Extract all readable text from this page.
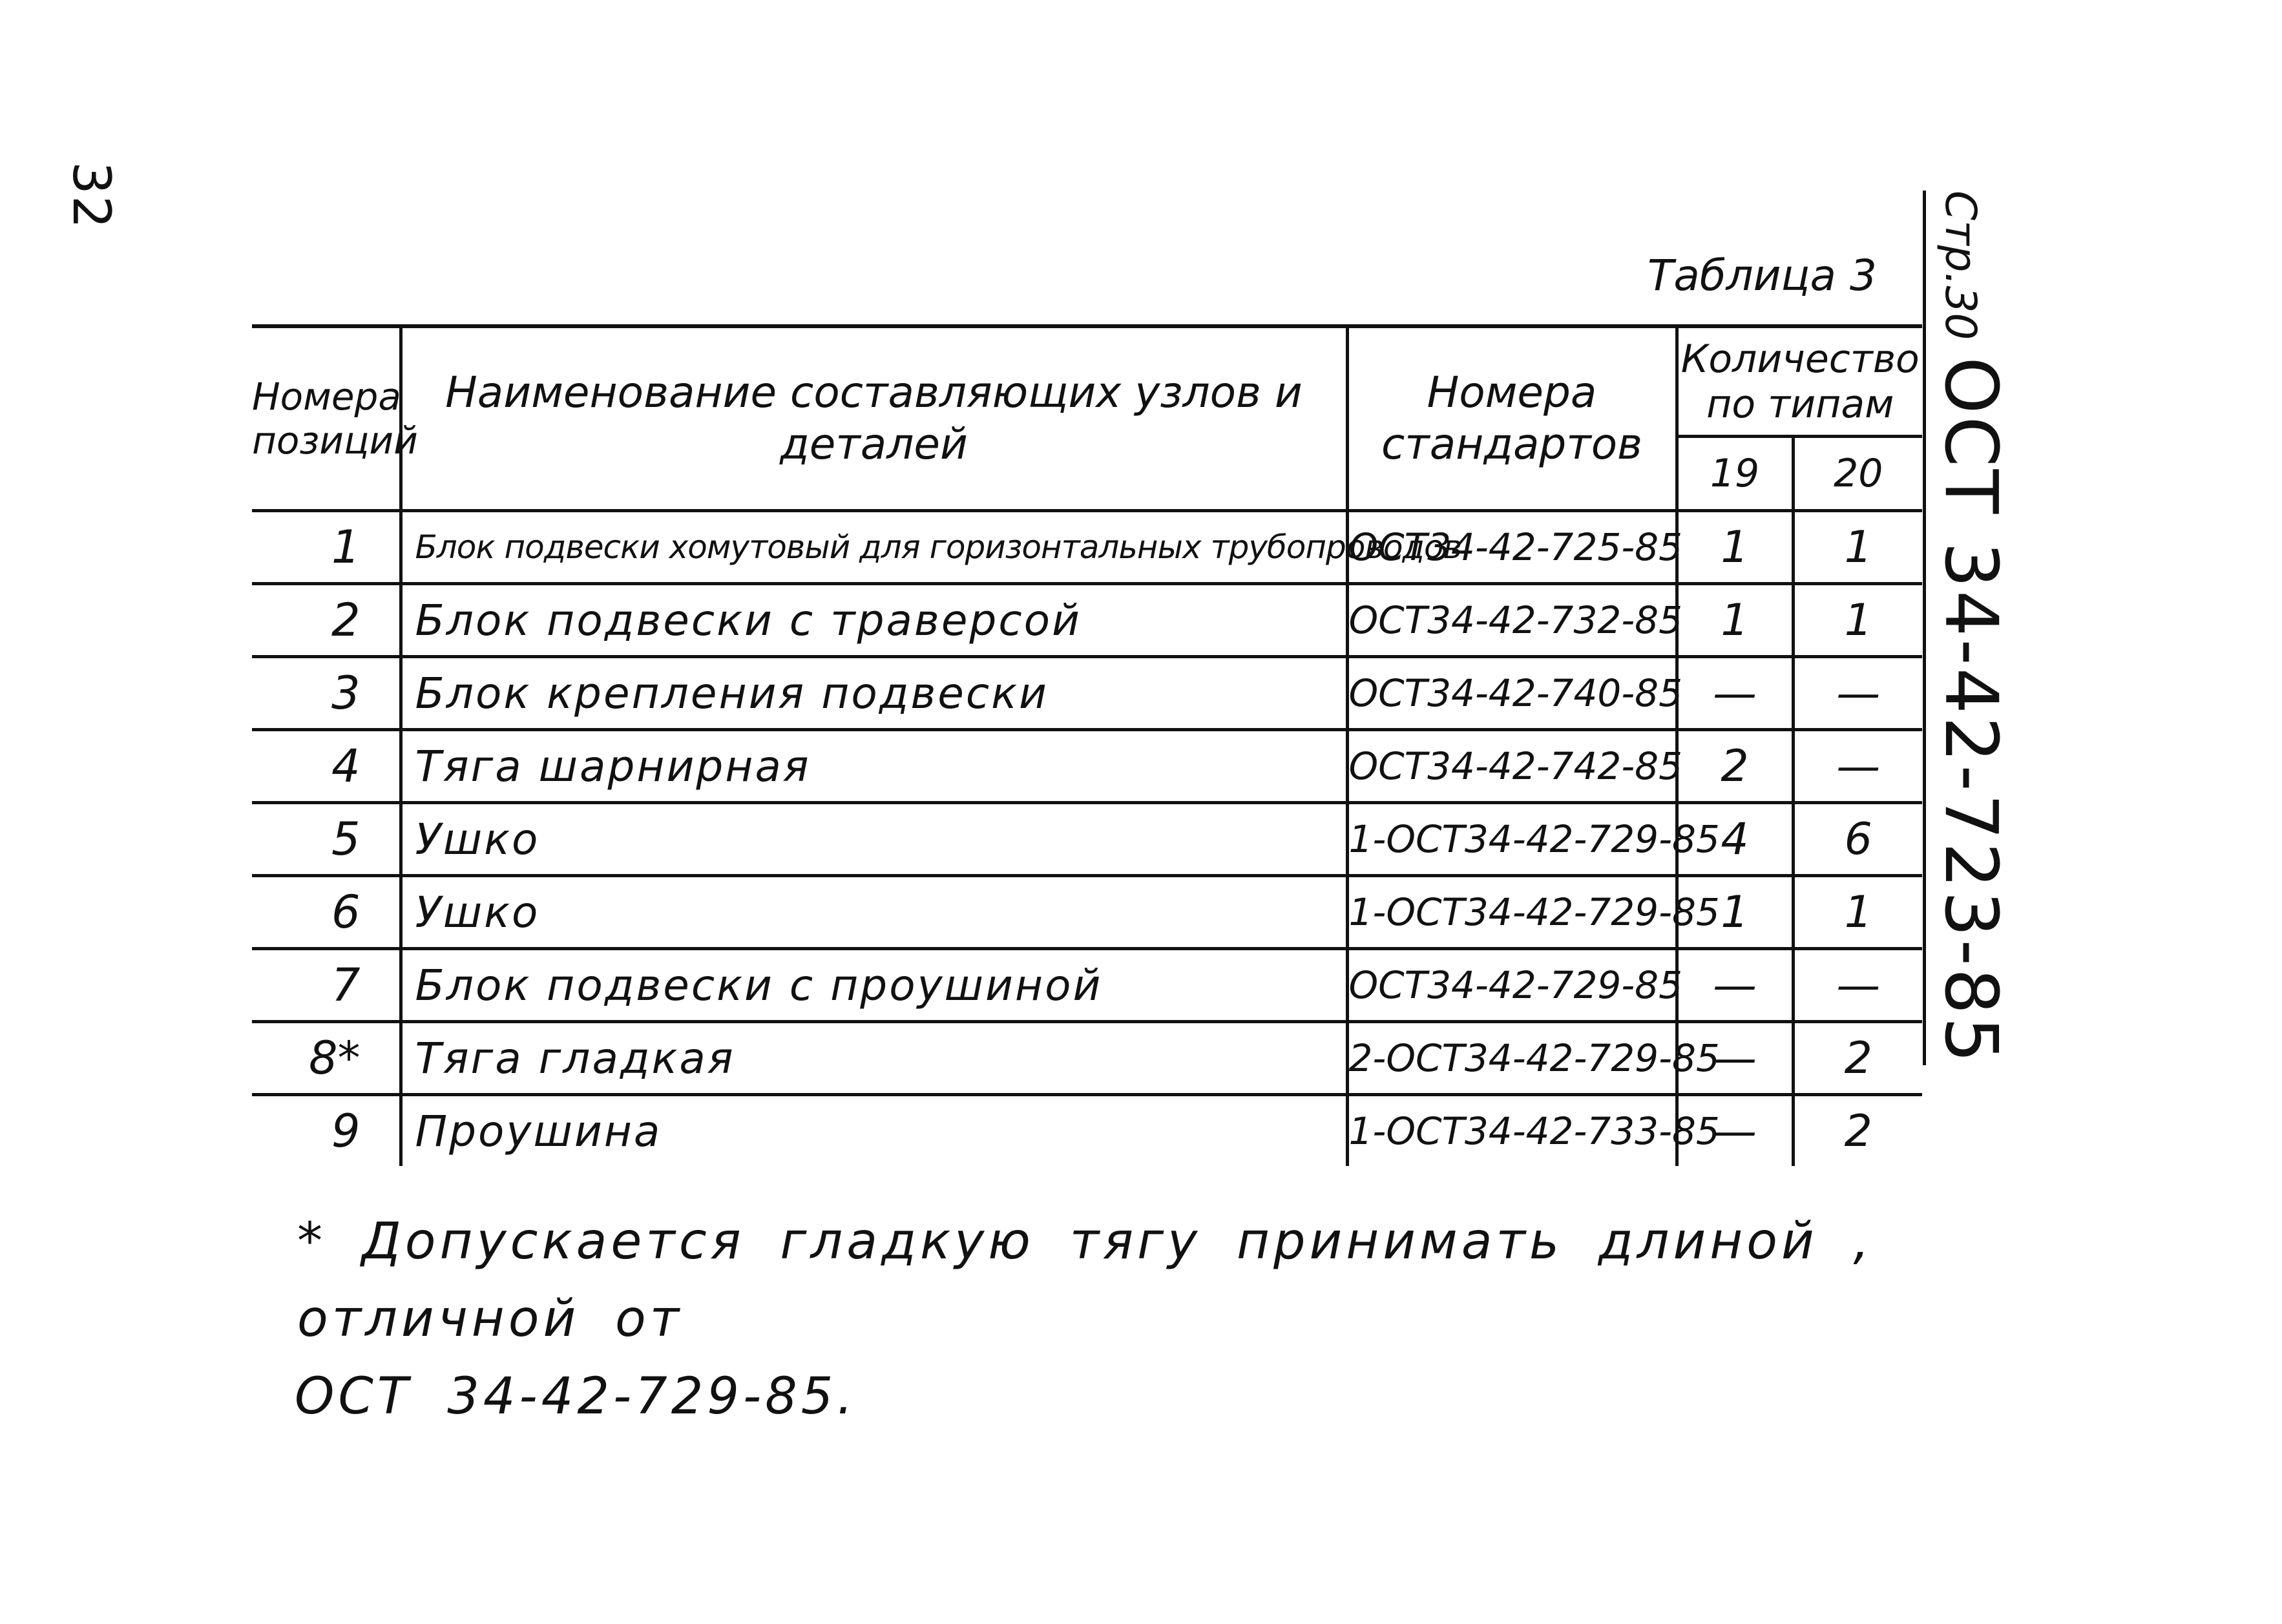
32	Стр.30
ОСТ 34-42-723-85
Таблица 3
Номера позиций	Наименование составляющих узлов и деталей	Номера стандартов	Количество по типам	
			19	20
1	Блок подвески хомутовый для горизонтальных трубопроводов	ОСТ34-42-725-85	1	1
2	Блок подвески с траверсой	ОСТ34-42-732-85	1	1
3	Блок крепления подвески	ОСТ34-42-740-85	—	—
4	Тяга шарнирная	ОСТ34-42-742-85	2	—
5	Ушко	1-ОСТ34-42-729-85	4	6
6	Ушко	1-ОСТ34-42-729-85	1	1
7	Блок подвески с проушиной	ОСТ34-42-729-85	—	—
8*	Тяга гладкая	2-ОСТ34-42-729-85	—	2
9	Проушина	1-ОСТ34-42-733-85	—	2
* Допускается гладкую тягу принимать длиной , отличной от
ОСТ 34-42-729-85.
